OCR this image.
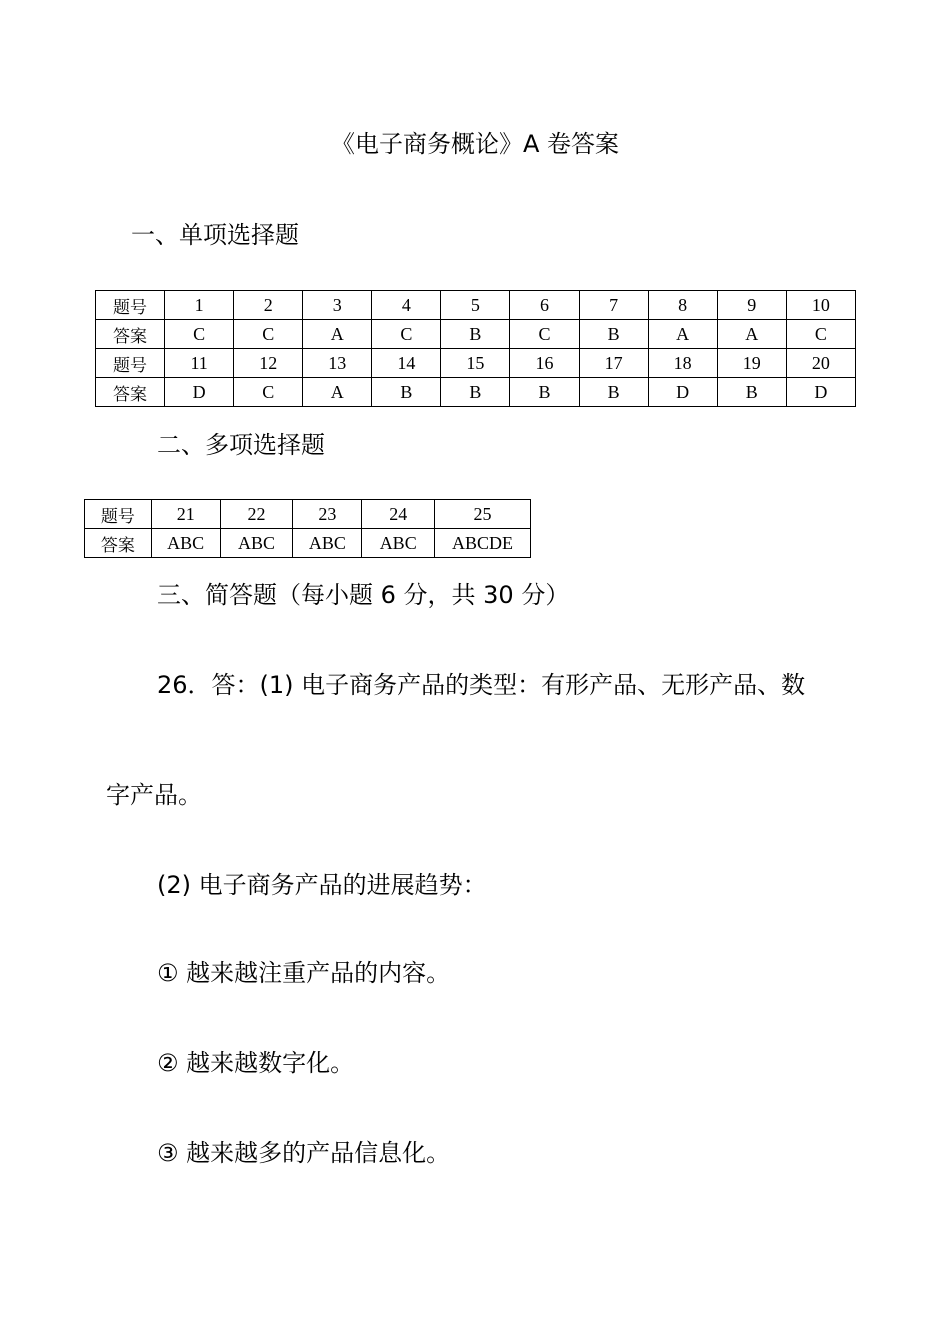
《电子商务概论》A 卷答案
一、单项选择题
题号	1	2	3	4	5	6	7	8	9	10
答案	C	C	A	C	B	C	B	A	A	C
题号	11	12	13	14	15	16	17	18	19	20
答案	D	C	A	B	B	B	B	D	B	D
二、多项选择题
题号	21	22	23	24	25
答案	ABC	ABC	ABC	ABC	ABCDE
三、简答题（每小题 6 分，共 30 分）
26．答：(1) 电子商务产品的类型：有形产品、无形产品、数
字产品。
(2) 电子商务产品的进展趋势：
① 越来越注重产品的内容。
② 越来越数字化。
③ 越来越多的产品信息化。
